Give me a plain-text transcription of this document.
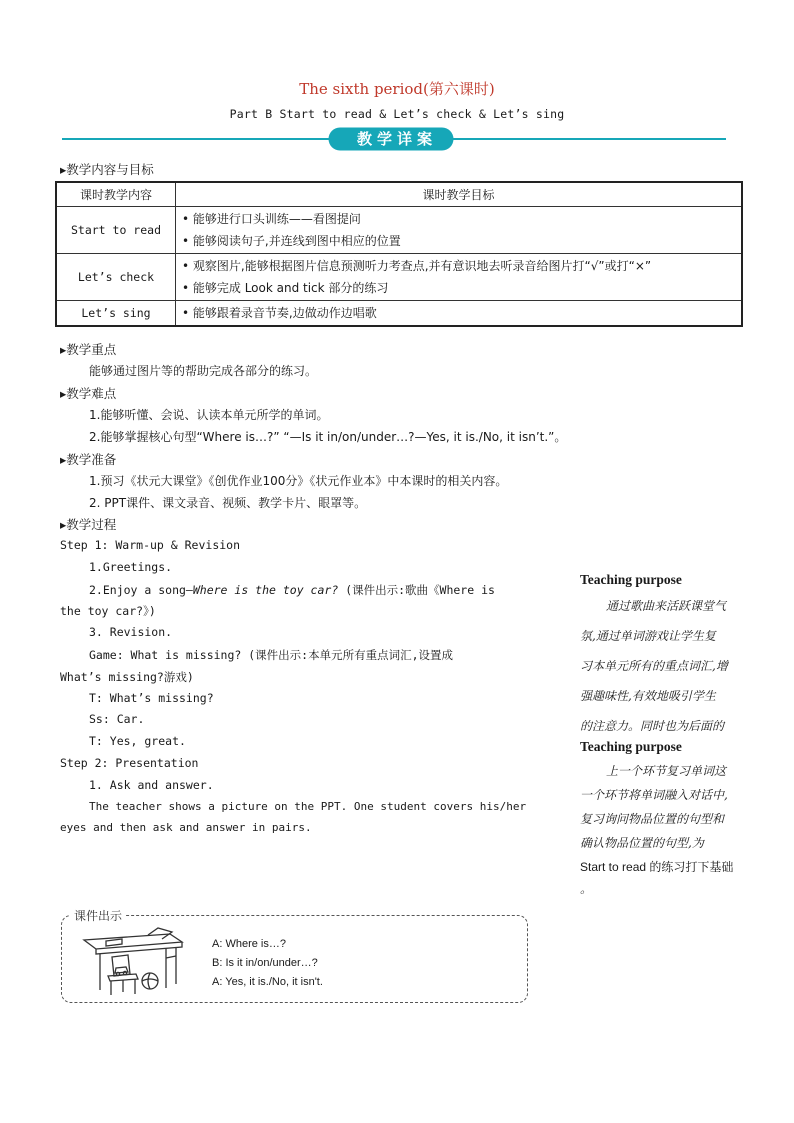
The sixth period(第六课时)
Part B Start to read & Let’s check & Let’s sing
教学详案
▸教学内容与目标
课时教学内容	课时教学目标
Start to read	• 能够进行口头训练——看图提问
• 能够阅读句子,并连线到图中相应的位置

Let’s check	• 观察图片,能够根据图片信息预测听力考查点,并有意识地去听录音给图片打“√”或打“×”
• 能够完成 Look and tick 部分的练习

Let’s sing	• 能够跟着录音节奏,边做动作边唱歌
▸教学重点
能够通过图片等的帮助完成各部分的练习。
▸教学难点
1.能够听懂、会说、认读本单元所学的单词。
2.能够掌握核心句型“Where is…?” “—Is it in/on/under…?—Yes, it is./No, it isn’t.”。
▸教学准备
1.预习《状元大课堂》《创优作业100分》《状元作业本》中本课时的相关内容。
2. PPT课件、课文录音、视频、教学卡片、眼罩等。
▸教学过程
Step 1: Warm-up & Revision
1.Greetings.
2.Enjoy a song—Where is the toy car? (课件出示:歌曲《Where is
the toy car?》)
3. Revision.
Game: What is missing? (课件出示:本单元所有重点词汇,设置成
What’s missing?游戏)
T: What’s missing?
Ss: Car.
T: Yes, great.
Step 2: Presentation
1. Ask and answer.
The teacher shows a picture on the PPT. One student covers his/her
eyes and then ask and answer in pairs.
Teaching purpose
通过歌曲来活跃课堂气
氛,通过单词游戏让学生复
习本单元所有的重点词汇,增
强趣味性,有效地吸引学生
的注意力。同时也为后面的
Teaching purpose
上一个环节复习单词这
一个环节将单词融入对话中,
复习询问物品位置的句型和
确认物品位置的句型,为
Start to read 的练习打下基础
。
课件出示
A: Where is…?
B: Is it in/on/under…?
A: Yes, it is./No, it isn't.
